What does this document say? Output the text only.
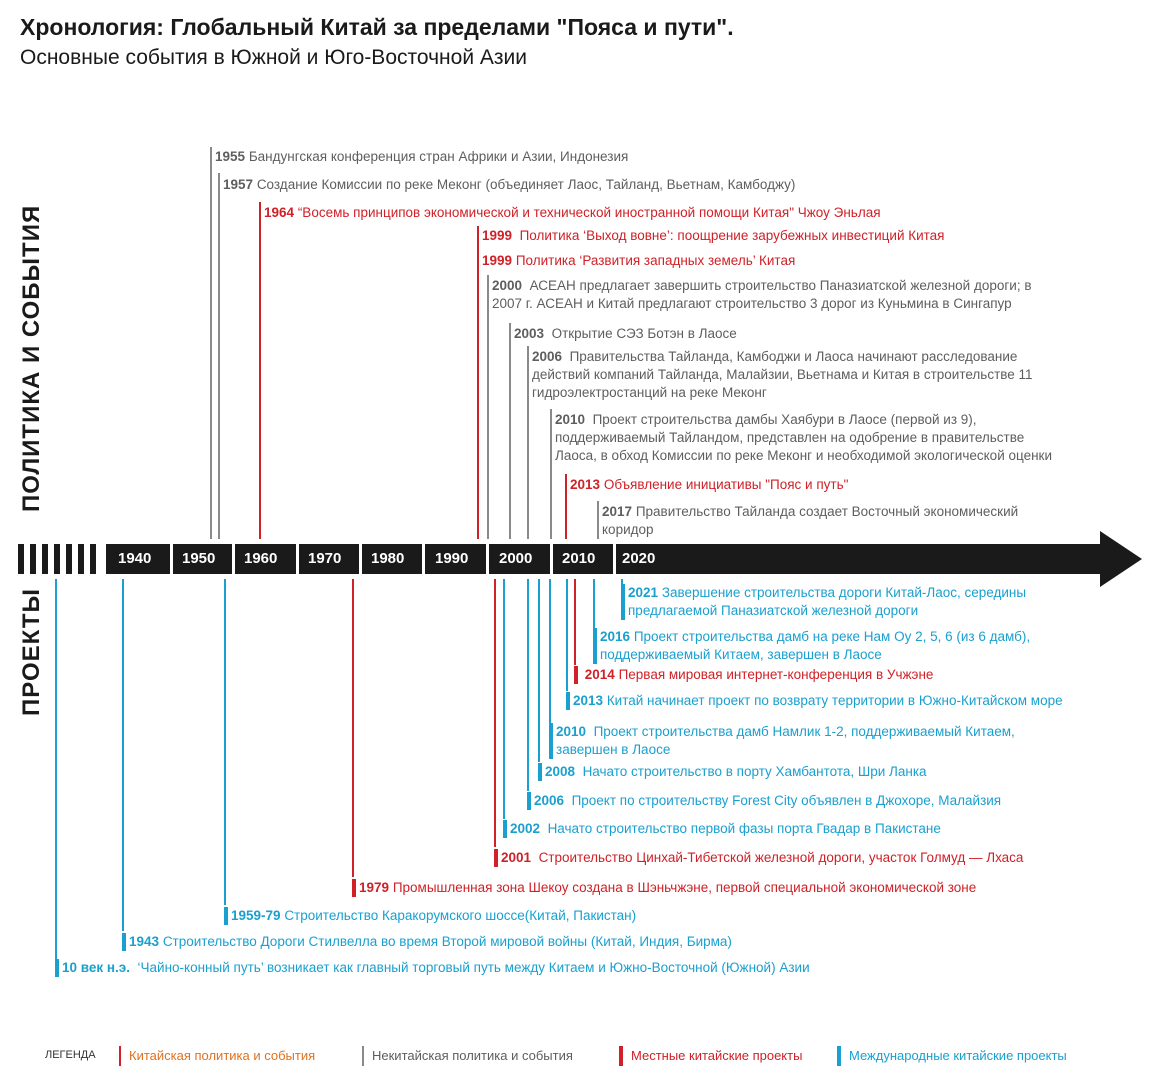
Хронология: Глобальный Китай за пределами "Пояса и пути".
Основные события в Южной и Юго-Восточной Азии
ПОЛИТИКА И СОБЫТИЯ
ПРОЕКТЫ
1955 Бандунгская конференция стран Африки и Азии, Индонезия
1957 Создание Комиссии по реке Меконг (объединяет Лаос, Тайланд, Вьетнам, Камбоджу)
1964 “Восемь принципов экономической и технической иностранной помощи Китая" Чжоу Эньлая
1999 Политика ‘Выход вовне’: поощрение зарубежных инвестиций Китая
1999 Политика ‘Развития западных земель’ Китая
2000 АСЕАН предлагает завершить строительство Паназиатской железной дороги; в
2007 г. АСЕАН и Китай предлагают строительство 3 дорог из Куньмина в Сингапур
2003 Открытие СЭЗ Ботэн в Лаосе
2006 Правительства Тайланда, Камбоджи и Лаоса начинают расследование
действий компаний Тайланда, Малайзии, Вьетнама и Китая в строительстве 11
гидроэлектростанций на реке Меконг
2010 Проект строительства дамбы Хаябури в Лаосе (первой из 9),
поддерживаемый Тайландом, представлен на одобрение в правительстве
Лаоса, в обход Комиссии по реке Меконг и необходимой экологической оценки
2013 Объявление инициативы "Пояс и путь"
2017 Правительство Тайланда создает Восточный экономический
коридор
2021 Завершение строительства дороги Китай-Лаос, середины
предлагаемой Паназиатской железной дороги
2016 Проект строительства дамб на реке Нам Оу 2, 5, 6 (из 6 дамб),
поддерживаемый Китаем, завершен в Лаосе
2014 Первая мировая интернет-конференция в Учжэне
2013 Китай начинает проект по возврату территории в Южно-Китайском море
2010 Проект строительства дамб Намлик 1-2, поддерживаемый Китаем,
завершен в Лаосе
2008 Начато строительство в порту Хамбантота, Шри Ланка
2006 Проект по строительству Forest City объявлен в Джохоре, Малайзия
2002 Начато строительство первой фазы порта Гвадар в Пакистане
2001 Строительство Цинхай-Тибетской железной дороги, участок Голмуд — Лхаса
1979 Промышленная зона Шекоу создана в Шэньчжэне, первой специальной экономической зоне
1959-79 Строительство Каракорумского шоссе(Китай, Пакистан)
1943 Строительство Дороги Стилвелла во время Второй мировой войны (Китай, Индия, Бирма)
10 век н.э. ‘Чайно-конный путь’ возникает как главный торговый путь между Китаем и Южно-Восточной (Южной) Азии
1940 1950 1960 1970 1980 1990 2000 2010 2020
ЛЕГЕНДА	Китайская политика и события	Некитайская политика и события	Местные китайские проекты	Международные китайские проекты
